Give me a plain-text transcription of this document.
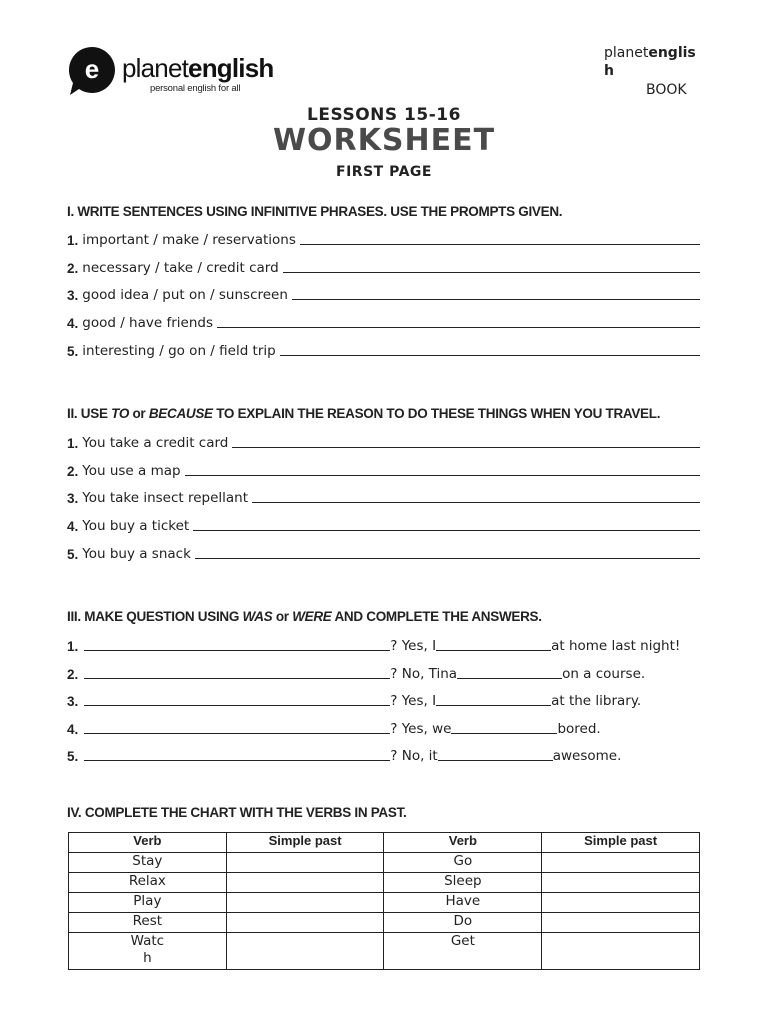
e planetenglish
personal english for all
planetenglish
BOOK
LESSONS 15-16
WORKSHEET
FIRST PAGE
I. WRITE SENTENCES USING INFINITIVE PHRASES. USE THE PROMPTS GIVEN.
1. important / make / reservations
2. necessary / take / credit card
3. good idea / put on / sunscreen
4. good / have friends
5. interesting / go on / field trip
II. USE TO or BECAUSE TO EXPLAIN THE REASON TO DO THESE THINGS WHEN YOU TRAVEL.
1. You take a credit card
2. You use a map
3. You take insect repellant
4. You buy a ticket
5. You buy a snack
III. MAKE QUESTION USING WAS or WERE AND COMPLETE THE ANSWERS.
1.	? Yes, I	at home last night!
2.	? No, Tina	on a course.
3.	? Yes, I	at the library.
4.	? Yes, we	bored.
5.	? No, it	awesome.
IV. COMPLETE THE CHART WITH THE VERBS IN PAST.
Verb	Simple past	Verb	Simple past
Stay		Go	
Relax		Sleep	
Play		Have	
Rest		Do	

Watch		Get	
